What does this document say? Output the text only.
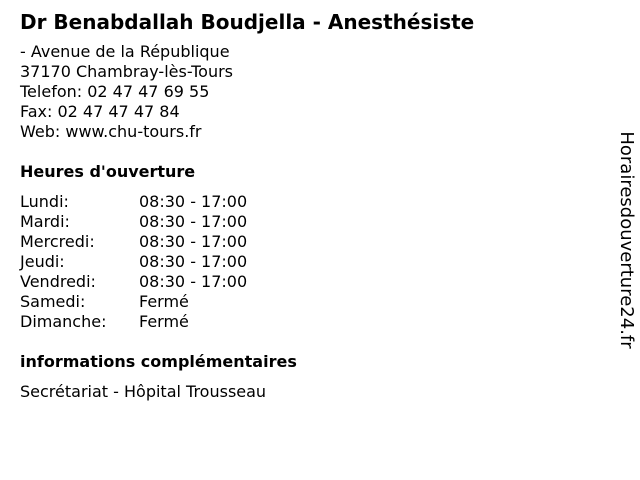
Dr Benabdallah Boudjella - Anesthésiste
- Avenue de la République
37170 Chambray-lès-Tours
Telefon: 02 47 47 69 55
Fax: 02 47 47 47 84
Web: www.chu-tours.fr
Heures d'ouverture
Lundi:	08:30 - 17:00
Mardi:	08:30 - 17:00
Mercredi:	08:30 - 17:00
Jeudi:	08:30 - 17:00
Vendredi:	08:30 - 17:00
Samedi:	Fermé
Dimanche:	Fermé
informations complémentaires
Secrétariat - Hôpital Trousseau
Horairesdouverture24.fr
